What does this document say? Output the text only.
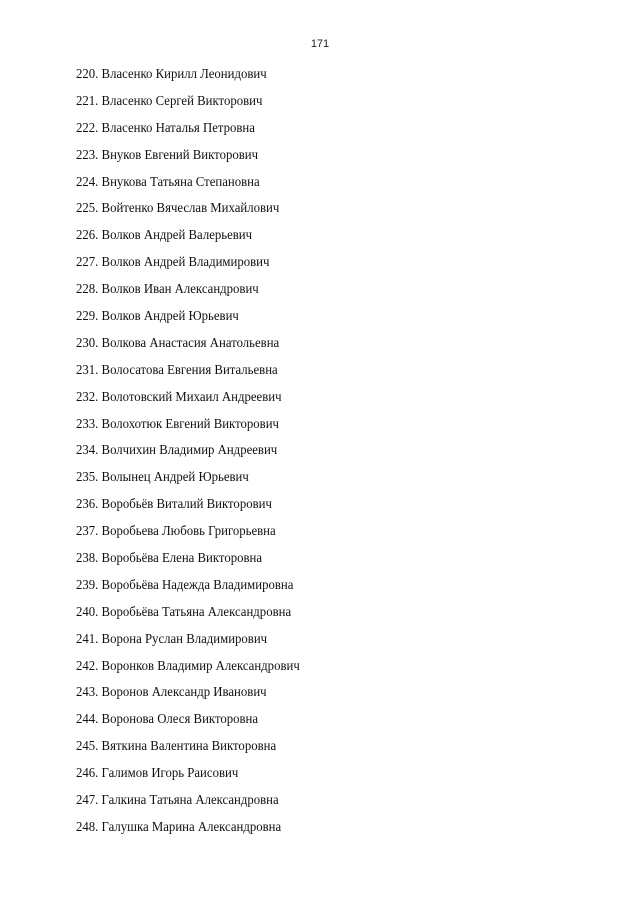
171
220. Власенко Кирилл Леонидович
221. Власенко Сергей Викторович
222. Власенко Наталья Петровна
223. Внуков Евгений Викторович
224. Внукова Татьяна Степановна
225. Войтенко Вячеслав Михайлович
226. Волков Андрей Валерьевич
227. Волков Андрей Владимирович
228. Волков Иван Александрович
229. Волков Андрей Юрьевич
230. Волкова Анастасия Анатольевна
231. Волосатова Евгения Витальевна
232. Волотовский Михаил Андреевич
233. Волохотюк Евгений Викторович
234. Волчихин Владимир Андреевич
235. Волынец Андрей Юрьевич
236. Воробьёв Виталий Викторович
237. Воробьева Любовь Григорьевна
238. Воробьёва Елена Викторовна
239. Воробьёва Надежда Владимировна
240. Воробьёва Татьяна Александровна
241. Ворона Руслан Владимирович
242. Воронков Владимир Александрович
243. Воронов Александр Иванович
244. Воронова Олеся Викторовна
245. Вяткина Валентина Викторовна
246. Галимов Игорь Раисович
247. Галкина Татьяна Александровна
248. Галушка Марина Александровна
